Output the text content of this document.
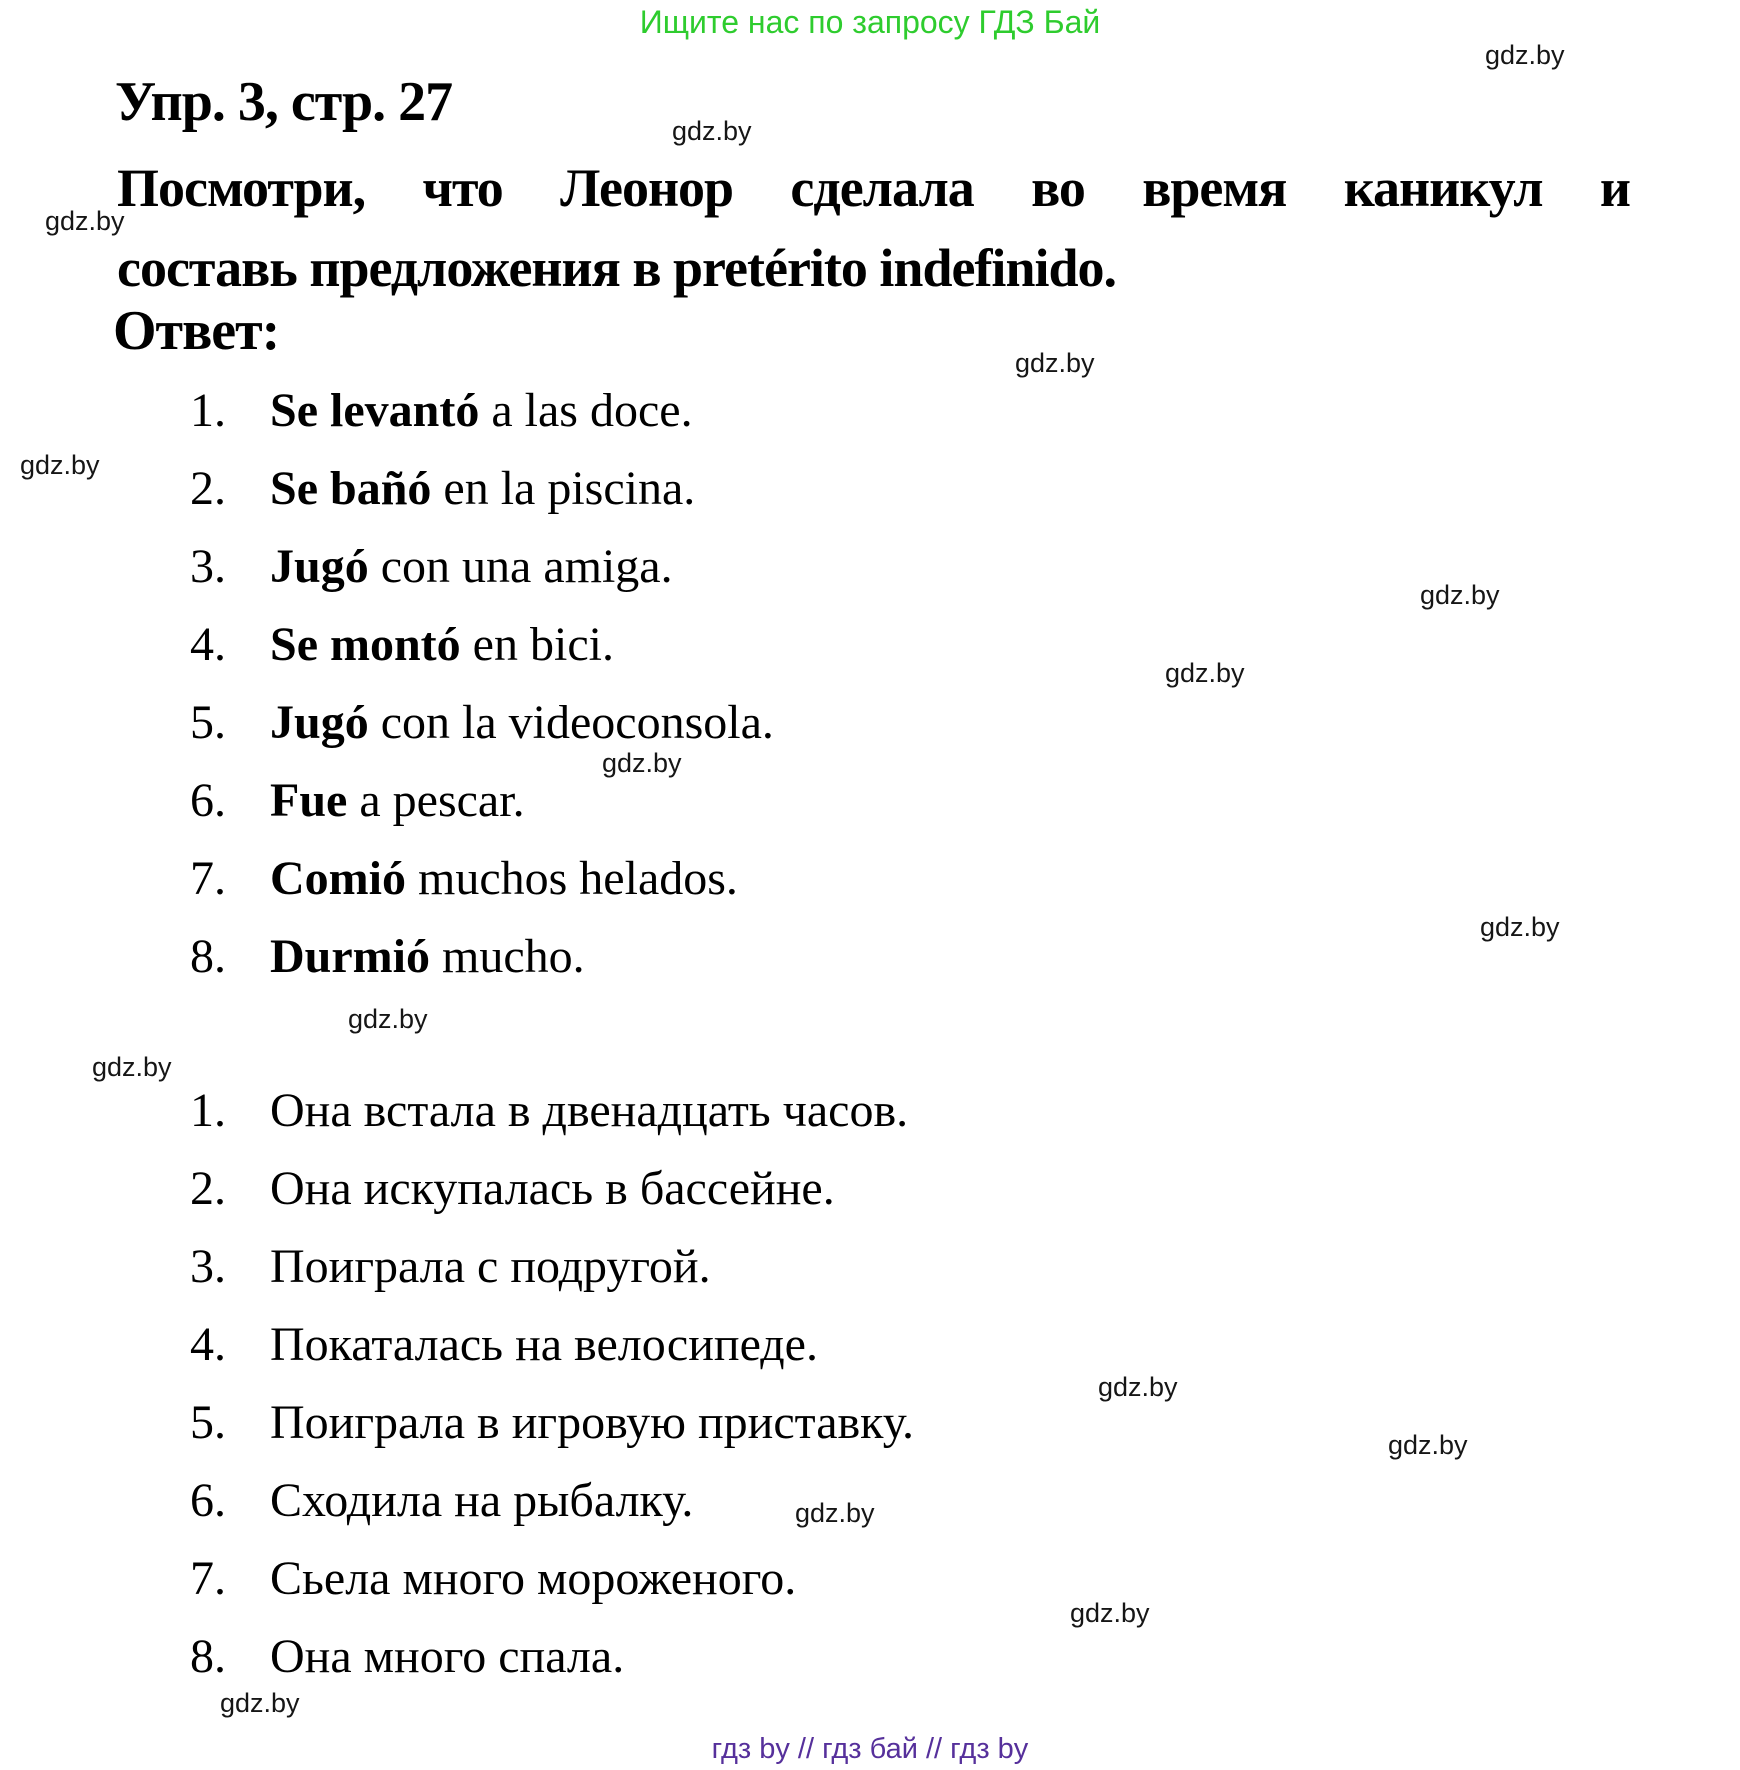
Ищите нас по запросу ГДЗ Бай
gdz.by
gdz.by
gdz.by
gdz.by
gdz.by
gdz.by
gdz.by
gdz.by
gdz.by
gdz.by
gdz.by
gdz.by
gdz.by
gdz.by
gdz.by
gdz.by
Упр. 3, стр. 27
Посмотри, что Леонор сделала во время каникул и
составь предложения в pretérito indefinido.
Ответ:
1. Se levantó a las doce.
2. Se bañó en la piscina.
3. Jugó con una amiga.
4. Se montó en bici.
5. Jugó con la videoconsola.
6. Fue a pescar.
7. Comió muchos helados.
8. Durmió mucho.
1. Она встала в двенадцать часов.
2. Она искупалась в бассейне.
3. Поиграла с подругой.
4. Покаталась на велосипеде.
5. Поиграла в игровую приставку.
6. Сходила на рыбалку.
7. Сьела много мороженого.
8. Она много спала.
гдз by // гдз бай // гдз by
